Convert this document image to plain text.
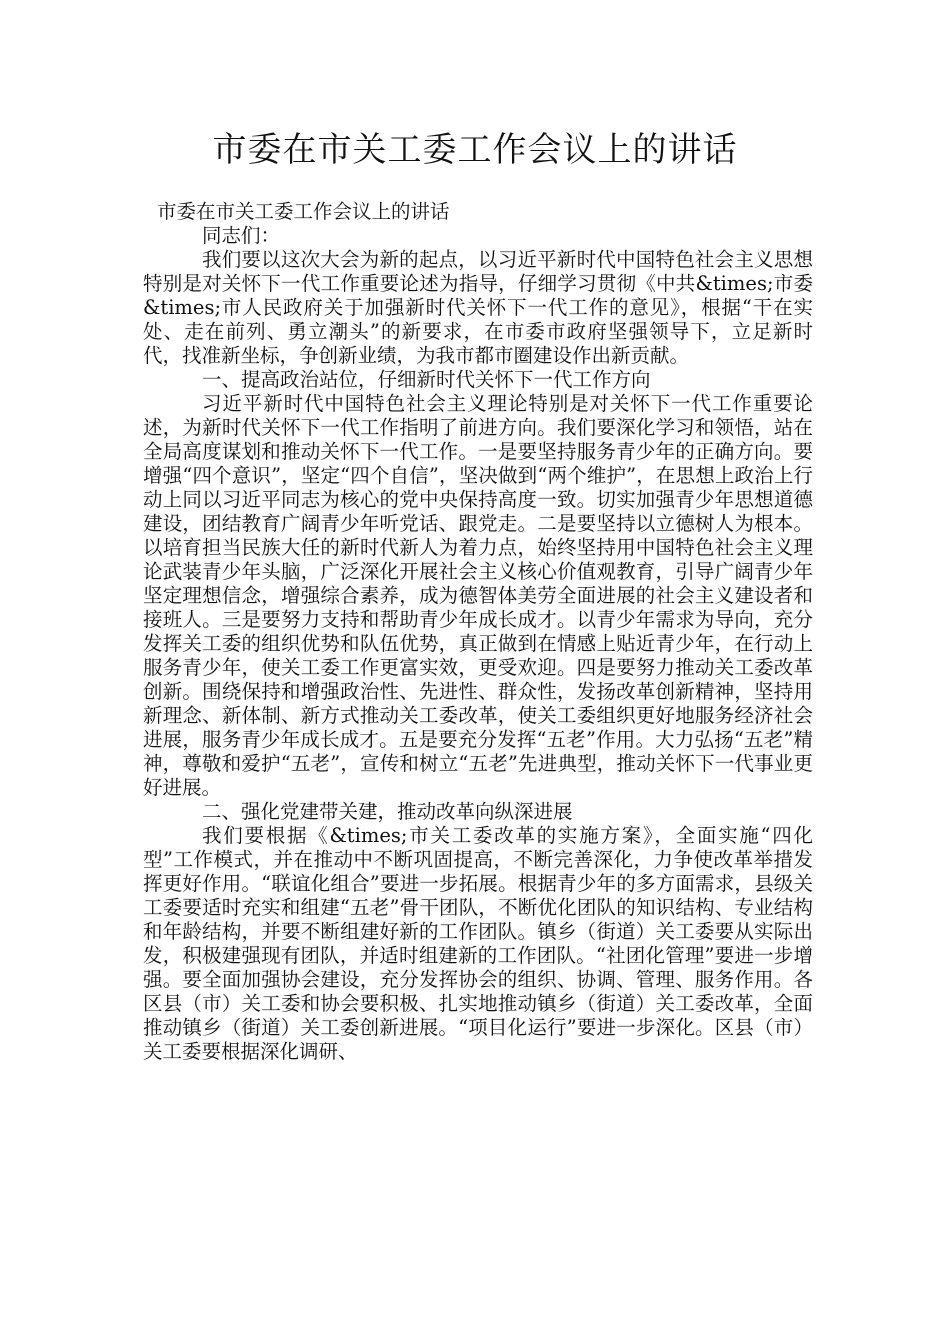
市委在市关工委工作会议上的讲话

市委在市关工委工作会议上的讲话

同志们：

我们要以这次大会为新的起点，以习近平新时代中国特色社会主义思想特别是对关怀下一代工作重要论述为指导，仔细学习贯彻《中共&times;市委&times;市人民政府关于加强新时代关怀下一代工作的意见》，根据“干在实处、走在前列、勇立潮头”的新要求，在市委市政府坚强领导下，立足新时代，找准新坐标，争创新业绩，为我市都市圈建设作出新贡献。

一、提高政治站位，仔细新时代关怀下一代工作方向

习近平新时代中国特色社会主义理论特别是对关怀下一代工作重要论述，为新时代关怀下一代工作指明了前进方向。我们要深化学习和领悟，站在全局高度谋划和推动关怀下一代工作。一是要坚持服务青少年的正确方向。要增强“四个意识”，坚定“四个自信”，坚决做到“两个维护”，在思想上政治上行动上同以习近平同志为核心的党中央保持高度一致。切实加强青少年思想道德建设，团结教育广阔青少年听党话、跟党走。二是要坚持以立德树人为根本。以培育担当民族大任的新时代新人为着力点，始终坚持用中国特色社会主义理论武装青少年头脑，广泛深化开展社会主义核心价值观教育，引导广阔青少年坚定理想信念，增强综合素养，成为德智体美劳全面进展的社会主义建设者和接班人。三是要努力支持和帮助青少年成长成才。以青少年需求为导向，充分发挥关工委的组织优势和队伍优势，真正做到在情感上贴近青少年，在行动上服务青少年，使关工委工作更富实效，更受欢迎。四是要努力推动关工委改革创新。围绕保持和增强政治性、先进性、群众性，发扬改革创新精神，坚持用新理念、新体制、新方式推动关工委改革，使关工委组织更好地服务经济社会进展，服务青少年成长成才。五是要充分发挥“五老”作用。大力弘扬“五老”精神，尊敬和爱护“五老”，宣传和树立“五老”先进典型，推动关怀下一代事业更好进展。

二、强化党建带关建，推动改革向纵深进展

我们要根据《&times;市关工委改革的实施方案》，全面实施“四化型”工作模式，并在推动中不断巩固提高，不断完善深化，力争使改革举措发挥更好作用。“联谊化组合”要进一步拓展。根据青少年的多方面需求，县级关工委要适时充实和组建“五老”骨干团队，不断优化团队的知识结构、专业结构和年龄结构，并要不断组建好新的工作团队。镇乡（街道）关工委要从实际出发，积极建强现有团队，并适时组建新的工作团队。“社团化管理”要进一步增强。要全面加强协会建设，充分发挥协会的组织、协调、管理、服务作用。各区县（市）关工委和协会要积极、扎实地推动镇乡（街道）关工委改革，全面推动镇乡（街道）关工委创新进展。“项目化运行”要进一步深化。区县（市）关工委要根据深化调研、
